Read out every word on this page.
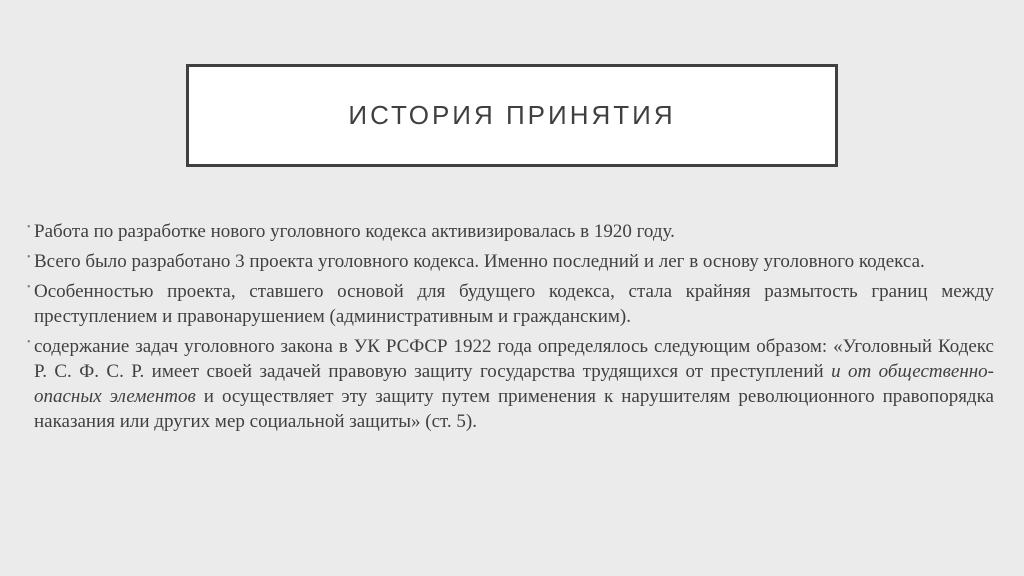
ИСТОРИЯ ПРИНЯТИЯ
• Работа по разработке нового уголовного кодекса активизировалась в 1920 году.
• Всего было разработано 3 проекта уголовного кодекса. Именно последний и лег в основу уголовного кодекса.
• Особенностью проекта, ставшего основой для будущего кодекса, стала крайняя размытость границ между преступлением и правонарушением (административным и гражданским).
• содержание задач уголовного закона в УК РСФСР 1922 года определялось следующим образом: «Уголовный Кодекс Р. С. Ф. С. Р. имеет своей задачей правовую защиту государства трудящихся от преступлений и от общественно-опасных элементов и осуществляет эту защиту путем применения к нарушителям революционного правопорядка наказания или других мер социальной защиты» (ст. 5).
